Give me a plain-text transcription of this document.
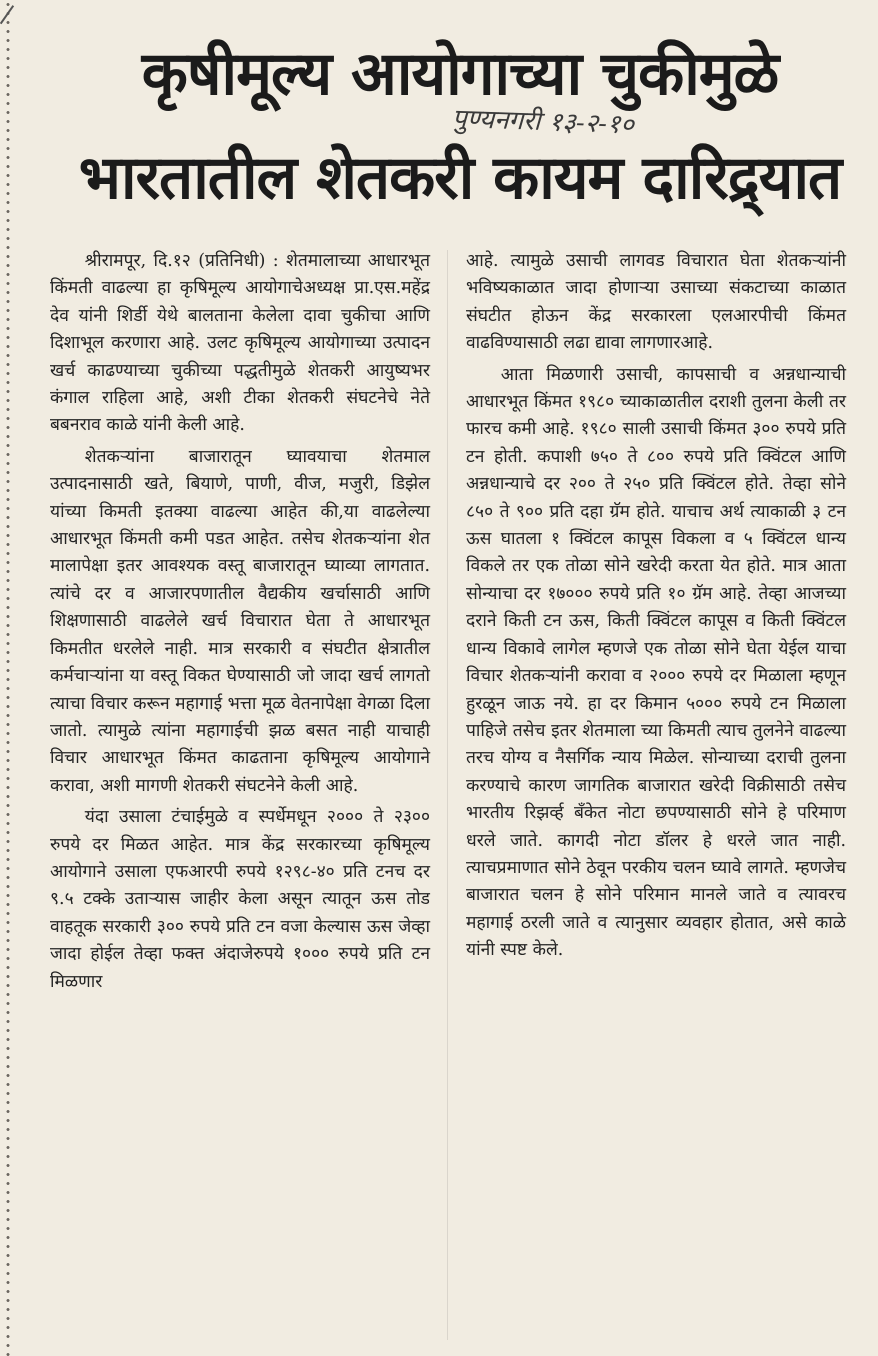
कृषीमूल्य आयोगाच्या चुकीमुळे
भारतातील शेतकरी कायम दारिद्र्यात
पुण्यनगरी १३-२-१०

श्रीरामपूर, दि.१२ (प्रतिनिधी) : शेतमालाच्या आधारभूत किंमती वाढल्या हा कृषिमूल्य आयोगाचेअध्यक्ष प्रा.एस.महेंद्र देव यांनी शिर्डी येथे बालताना केलेला दावा चुकीचा आणि दिशाभूल करणारा आहे. उलट कृषिमूल्य आयोगाच्या उत्पादन खर्च काढण्याच्या चुकीच्या पद्धतीमुळे शेतकरी आयुष्यभर कंगाल राहिला आहे, अशी टीका शेतकरी संघटनेचे नेते बबनराव काळे यांनी केली आहे.

शेतकऱ्यांना बाजारातून घ्यावयाचा शेतमाल उत्पादनासाठी खते, बियाणे, पाणी, वीज, मजुरी, डिझेल यांच्या किमती इतक्या वाढल्या आहेत की,या वाढलेल्या आधारभूत किंमती कमी पडत आहेत. तसेच शेतकऱ्यांना शेत मालापेक्षा इतर आवश्यक वस्तू बाजारातून घ्याव्या लागतात. त्यांचे दर व आजारपणातील वैद्यकीय खर्चासाठी आणि शिक्षणासाठी वाढलेले खर्च विचारात घेता ते आधारभूत किमतीत धरलेले नाही. मात्र सरकारी व संघटीत क्षेत्रातील कर्मचाऱ्यांना या वस्तू विकत घेण्यासाठी जो जादा खर्च लागतो त्याचा विचार करून महागाई भत्ता मूळ वेतनापेक्षा वेगळा दिला जातो. त्यामुळे त्यांना महागाईची झळ बसत नाही याचाही विचार आधारभूत किंमत काढताना कृषिमूल्य आयोगाने करावा, अशी मागणी शेतकरी संघटनेने केली आहे.

यंदा उसाला टंचाईमुळे व स्पर्धेमधून २००० ते २३०० रुपये दर मिळत आहेत. मात्र केंद्र सरकारच्या कृषिमूल्य आयोगाने उसाला एफआरपी रुपये १२९८-४० प्रति टनच दर ९.५ टक्के उताऱ्यास जाहीर केला असून त्यातून ऊस तोड वाहतूक सरकारी ३०० रुपये प्रति टन वजा केल्यास ऊस जेव्हा जादा होईल तेव्हा फक्त अंदाजेरुपये १००० रुपये प्रति टन मिळणार

आहे. त्यामुळे उसाची लागवड विचारात घेता शेतकऱ्यांनी भविष्यकाळात जादा होणाऱ्या उसाच्या संकटाच्या काळात संघटीत होऊन केंद्र सरकारला एलआरपीची किंमत वाढविण्यासाठी लढा द्यावा लागणारआहे.

आता मिळणारी उसाची, कापसाची व अन्नधान्याची आधारभूत किंमत १९८० च्याकाळातील दराशी तुलना केली तर फारच कमी आहे. १९८० साली उसाची किंमत ३०० रुपये प्रति टन होती. कपाशी ७५० ते ८०० रुपये प्रति क्विंटल आणि अन्नधान्याचे दर २०० ते २५० प्रति क्विंटल होते. तेव्हा सोने ८५० ते ९०० प्रति दहा ग्रॅम होते. याचाच अर्थ त्याकाळी ३ टन ऊस घातला १ क्विंटल कापूस विकला व ५ क्विंटल धान्य विकले तर एक तोळा सोने खरेदी करता येत होते. मात्र आता सोन्याचा दर १७००० रुपये प्रति १० ग्रॅम आहे. तेव्हा आजच्या दराने किती टन ऊस, किती क्विंटल कापूस व किती क्विंटल धान्य विकावे लागेल म्हणजे एक तोळा सोने घेता येईल याचा विचार शेतकऱ्यांनी करावा व २००० रुपये दर मिळाला म्हणून हुरळून जाऊ नये. हा दर किमान ५००० रुपये टन मिळाला पाहिजे तसेच इतर शेतमाला च्या किमती त्याच तुलनेने वाढल्या तरच योग्य व नैसर्गिक न्याय मिळेल. सोन्याच्या दराची तुलना करण्याचे कारण जागतिक बाजारात खरेदी विक्रीसाठी तसेच भारतीय रिझर्व्ह बँकेत नोटा छपण्यासाठी सोने हे परिमाण धरले जाते. कागदी नोटा डॉलर हे धरले जात नाही. त्याचप्रमाणात सोने ठेवून परकीय चलन घ्यावे लागते. म्हणजेच बाजारात चलन हे सोने परिमान मानले जाते व त्यावरच महागाई ठरली जाते व त्यानुसार व्यवहार होतात, असे काळे यांनी स्पष्ट केले.
